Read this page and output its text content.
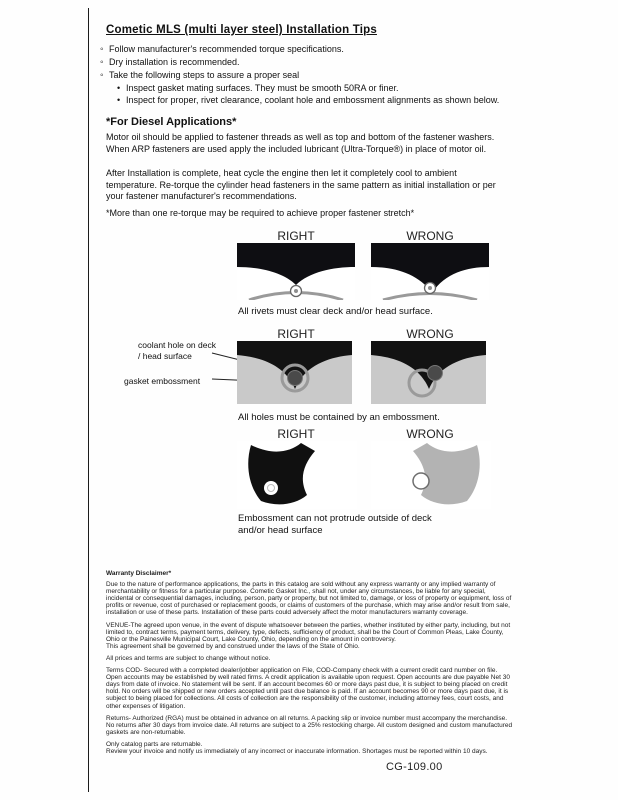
Cometic MLS (multi layer steel) Installation Tips
◦Follow manufacturer's recommended torque specifications.
◦Dry installation is recommended.
◦Take the following steps to assure a proper seal
•Inspect gasket mating surfaces. They must be smooth 50RA or finer.
•Inspect for proper, rivet clearance, coolant hole and embossment alignments as shown below.
*For Diesel Applications*
Motor oil should be applied to fastener threads as well as top and bottom of the fastener washers. When ARP fasteners are used apply the included lubricant (Ultra-Torque®) in place of motor oil.
After Installation is complete, heat cycle the engine then let it completely cool to ambient temperature. Re-torque the cylinder head fasteners in the same pattern as initial installation or per your fastener manufacturer's recommendations.
*More than one re-torque may be required to achieve proper fastener stretch*
RIGHT	WRONG
All rivets must clear deck and/or head surface.
RIGHT	WRONG
coolant hole on deck / head surface
gasket embossment
All holes must be contained by an embossment.
RIGHT	WRONG
Embossment can not protrude outside of deck and/or head surface
Warranty Disclaimer*

Due to the nature of performance applications, the parts in this catalog are sold without any express warranty or any implied warranty of merchantability or fitness for a particular purpose. Cometic Gasket Inc., shall not, under any circumstances, be liable for any special, incidental or consequential damages, including, person, party or property, but not limited to, damage, or loss of property or equipment, loss of profits or revenue, cost of purchased or replacement goods, or claims of customers of the purchase, which may arise and/or result from sale, installation or use of these parts. Installation of these parts could adversely affect the motor manufacturers warranty coverage.

VENUE-The agreed upon venue, in the event of dispute whatsoever between the parties, whether instituted by either party, including, but not limited to, contract terms, payment terms, delivery, type, defects, sufficiency of product, shall be the Court of Common Pleas, Lake County, Ohio or the Painesville Municipal Court, Lake County, Ohio, depending on the amount in controversy.

This agreement shall be governed by and construed under the laws of the State of Ohio.

All prices and terms are subject to change without notice.

Terms COD- Secured with a completed dealer/jobber application on File, COD-Company check with a current credit card number on file. Open accounts may be established by well rated firms. A credit application is available upon request. Open accounts are due payable Net 30 days from date of invoice. No statement will be sent. If an account becomes 60 or more days past due, it is subject to being placed on credit hold. No orders will be shipped or new orders accepted until past due balance is paid. If an account becomes 90 or more days past due, it is subject to being placed for collections. All costs of collection are the responsibility of the customer, including attorney fees, court costs, and other expenses of litigation.

Returns- Authorized (RGA) must be obtained in advance on all returns. A packing slip or invoice number must accompany the merchandise. No returns after 30 days from invoice date. All returns are subject to a 25% restocking charge. All custom designed and custom manufactured gaskets are non-returnable.

Only catalog parts are returnable.

Review your invoice and notify us immediately of any incorrect or inaccurate information. Shortages must be reported within 10 days.

CG-109.00
